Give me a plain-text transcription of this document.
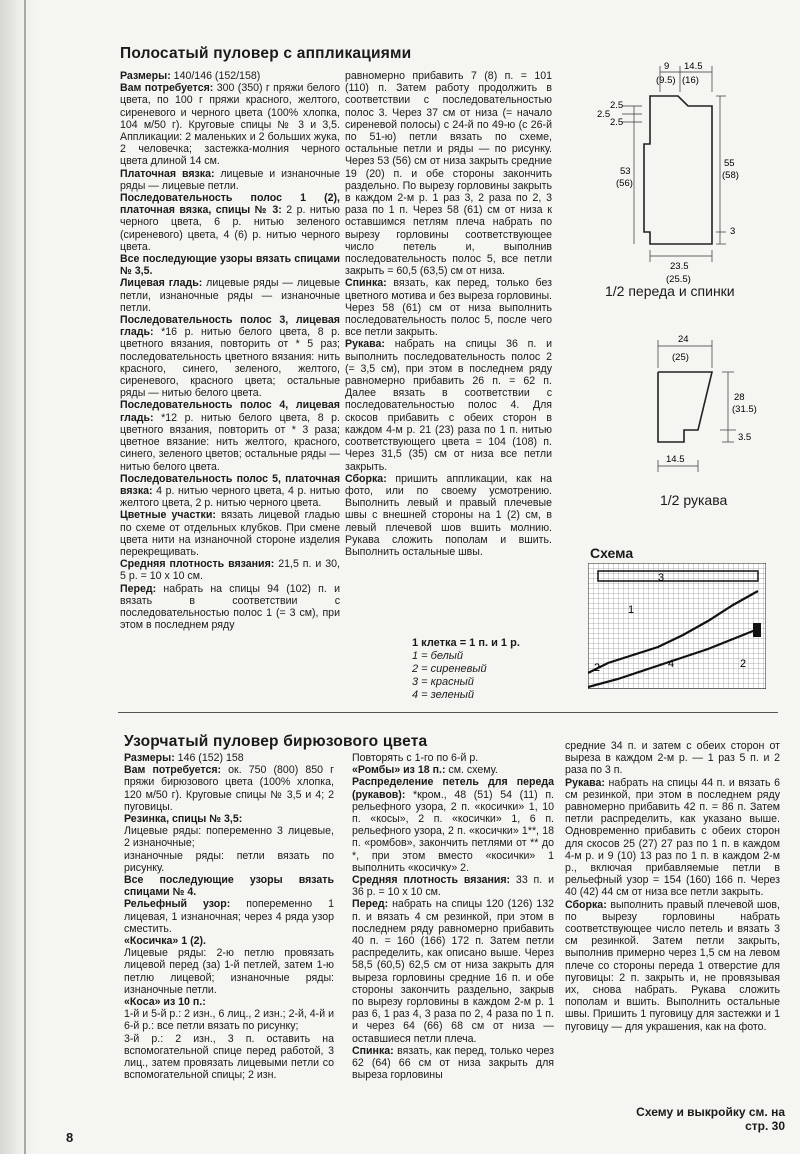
Полосатый пуловер с аппликациями

Размеры: 140/146 (152/158)

Вам потребуется: 300 (350) г пряжи белого цвета, по 100 г пряжи красного, желтого, сиреневого и черного цвета (100% хлопка, 104 м/50 г). Круговые спицы № 3 и 3,5. Аппликации: 2 маленьких и 2 больших жука, 2 человечка; застежка-молния черного цвета длиной 14 см.

Платочная вязка: лицевые и изнаночные ряды — лицевые петли.

Последовательность полос 1 (2), платочная вязка, спицы № 3: 2 р. нитью черного цвета, 6 р. нитью зеленого (сиреневого) цвета, 4 (6) р. нитью черного цвета.

Все последующие узоры вязать спицами № 3,5.

Лицевая гладь: лицевые ряды — лицевые петли, изнаночные ряды — изнаночные петли.

Последовательность полос 3, лицевая гладь: *16 р. нитью белого цвета, 8 р. цветного вязания, повторить от * 5 раз; последовательность цветного вязания: нить красного, синего, зеленого, желтого, сиреневого, красного цвета; остальные ряды — нитью белого цвета.

Последовательность полос 4, лицевая гладь: *12 р. нитью белого цвета, 8 р. цветного вязания, повторить от * 3 раза; цветное вязание: нить желтого, красного, синего, зеленого цветов; остальные ряды — нитью белого цвета.

Последовательность полос 5, платочная вязка: 4 р. нитью черного цвета, 4 р. нитью желтого цвета, 2 р. нитью черного цвета.

Цветные участки: вязать лицевой гладью по схеме от отдельных клубков. При смене цвета нити на изнаночной стороне изделия перекрещивать.

Средняя плотность вязания: 21,5 п. и 30, 5 р. = 10 х 10 см.

Перед: набрать на спицы 94 (102) п. и вязать в соответствии с последовательностью полос 1 (= 3 см), при этом в последнем ряду

равномерно прибавить 7 (8) п. = 101 (110) п. Затем работу продолжить в соответствии с последовательностью полос 3. Через 37 см от низа (= начало сиреневой полосы) с 24-й по 49-ю (с 26-й по 51-ю) петли вязать по схеме, остальные петли и ряды — по рисунку. Через 53 (56) см от низа закрыть средние 19 (20) п. и обе стороны закончить раздельно. По вырезу горловины закрыть в каждом 2-м р. 1 раз 3, 2 раза по 2, 3 раза по 1 п. Через 58 (61) см от низа к оставшимся петлям плеча набрать по вырезу горловины соответствующее число петель и, выполнив последовательность полос 5, все петли закрыть = 60,5 (63,5) см от низа.

Спинка: вязать, как перед, только без цветного мотива и без выреза горловины. Через 58 (61) см от низа выполнить последовательность полос 5, после чего все петли закрыть.

Рукава: набрать на спицы 36 п. и выполнить последовательность полос 2 (= 3,5 см), при этом в последнем ряду равномерно прибавить 26 п. = 62 п. Далее вязать в соответствии с последовательностью полос 4. Для скосов прибавить с обеих сторон в каждом 4-м р. 21 (23) раза по 1 п. нитью соответствующего цвета = 104 (108) п. Через 31,5 (35) см от низа все петли закрыть.

Сборка: пришить аппликации, как на фото, или по своему усмотрению. Выполнить левый и правый плечевые швы с внешней стороны на 1 (2) см, в левый плечевой шов вшить молнию. Рукава сложить пополам и вшить. Выполнить остальные швы.

9 14.5
(9.5) (16)
2.5
2.5
2.5
53
(56)
55
(58)
3
23.5
(25.5)
1/2 переда и спинки
24
(25)
28
(31.5)
3.5
14.5
1/2 рукава
Схема
3
1
4
2	2
1 клетка = 1 п. и 1 р.
1 = белый
2 = сиреневый
3 = красный
4 = зеленый
Узорчатый пуловер бирюзового цвета

Размеры: 146 (152) 158

Вам потребуется: ок. 750 (800) 850 г пряжи бирюзового цвета (100% хлопка, 120 м/50 г). Круговые спицы № 3,5 и 4; 2 пуговицы.

Резинка, спицы № 3,5:

Лицевые ряды: попеременно 3 лицевые, 2 изнаночные;

изнаночные ряды: петли вязать по рисунку.

Все последующие узоры вязать спицами № 4.

Рельефный узор: попеременно 1 лицевая, 1 изнаночная; через 4 ряда узор сместить.

«Косичка» 1 (2).

Лицевые ряды: 2-ю петлю провязать лицевой перед (за) 1-й петлей, затем 1-ю петлю лицевой; изнаночные ряды: изнаночные петли.

«Коса» из 10 п.:

1-й и 5-й р.: 2 изн., 6 лиц., 2 изн.; 2-й, 4-й и 6-й р.: все петли вязать по рисунку;

3-й р.: 2 изн., 3 п. оставить на вспомогательной спице перед работой, 3 лиц., затем провязать лицевыми петли со вспомогательной спицы; 2 изн.

Повторять с 1-го по 6-й р.

«Ромбы» из 18 п.: см. схему.

Распределение петель для переда (рукавов): *кром., 48 (51) 54 (11) п. рельефного узора, 2 п. «косички» 1, 10 п. «косы», 2 п. «косички» 1, 6 п. рельефного узора, 2 п. «косички» 1**, 18 п. «ромбов», закончить петлями от ** до *, при этом вместо «косички» 1 выполнить «косичку» 2.

Средняя плотность вязания: 33 п. и 36 р. = 10 х 10 см.

Перед: набрать на спицы 120 (126) 132 п. и вязать 4 см резинкой, при этом в последнем ряду равномерно прибавить 40 п. = 160 (166) 172 п. Затем петли распределить, как описано выше. Через 58,5 (60,5) 62,5 см от низа закрыть для выреза горловины средние 16 п. и обе стороны закончить раздельно, закрыв по вырезу горловины в каждом 2-м р. 1 раз 6, 1 раз 4, 3 раза по 2, 4 раза по 1 п. и через 64 (66) 68 см от низа — оставшиеся петли плеча.

Спинка: вязать, как перед, только через 62 (64) 66 см от низа закрыть для выреза горловины

средние 34 п. и затем с обеих сторон от выреза в каждом 2-м р. — 1 раз 5 п. и 2 раза по 3 п.

Рукава: набрать на спицы 44 п. и вязать 6 см резинкой, при этом в последнем ряду равномерно прибавить 42 п. = 86 п. Затем петли распределить, как указано выше. Одновременно прибавить с обеих сторон для скосов 25 (27) 27 раз по 1 п. в каждом 4-м р. и 9 (10) 13 раз по 1 п. в каждом 2-м р., включая прибавляемые петли в рельефный узор = 154 (160) 166 п. Через 40 (42) 44 см от низа все петли закрыть.

Сборка: выполнить правый плечевой шов, по вырезу горловины набрать соответствующее число петель и вязать 3 см резинкой. Затем петли закрыть, выполнив примерно через 1,5 см на левом плече со стороны переда 1 отверстие для пуговицы: 2 п. закрыть и, не провязывая их, снова набрать. Рукава сложить пополам и вшить. Выполнить остальные швы. Пришить 1 пуговицу для застежки и 1 пуговицу — для украшения, как на фото.

Схему и выкройку см. на стр. 30
8
